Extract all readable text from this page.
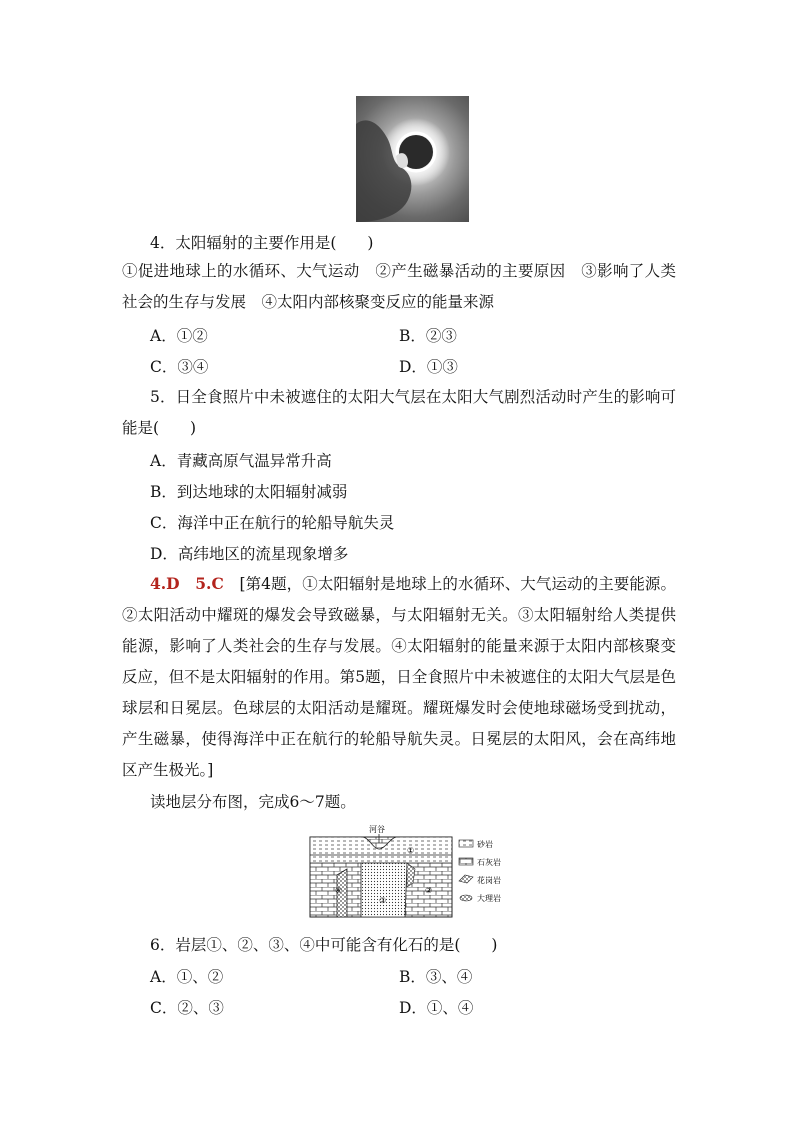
4．太阳辐射的主要作用是(　　)
①促进地球上的水循环、大气运动　②产生磁暴活动的主要原因　③影响了人类社会的生存与发展　④太阳内部核聚变反应的能量来源
A．①②	B．②③
C．③④	D．①③
5．日全食照片中未被遮住的太阳大气层在太阳大气剧烈活动时产生的影响可能是(　　)
A．青藏高原气温异常升高
B．到达地球的太阳辐射减弱
C．海洋中正在航行的轮船导航失灵
D．高纬地区的流星现象增多
4.D　5.C　[第4题，①太阳辐射是地球上的水循环、大气运动的主要能源。②太阳活动中耀斑的爆发会导致磁暴，与太阳辐射无关。③太阳辐射给人类提供能源，影响了人类社会的生存与发展。④太阳辐射的能量来源于太阳内部核聚变反应，但不是太阳辐射的作用。第5题，日全食照片中未被遮住的太阳大气层是色球层和日冕层。色球层的太阳活动是耀斑。耀斑爆发时会使地球磁场受到扰动，产生磁暴，使得海洋中正在航行的轮船导航失灵。日冕层的太阳风，会在高纬地区产生极光。]
读地层分布图，完成6～7题。
河谷
①
②
③
④
砂岩
石灰岩
花岗岩
大理岩
6．岩层①、②、③、④中可能含有化石的是(　　)
A．①、②	B．③、④
C．②、③	D．①、④
